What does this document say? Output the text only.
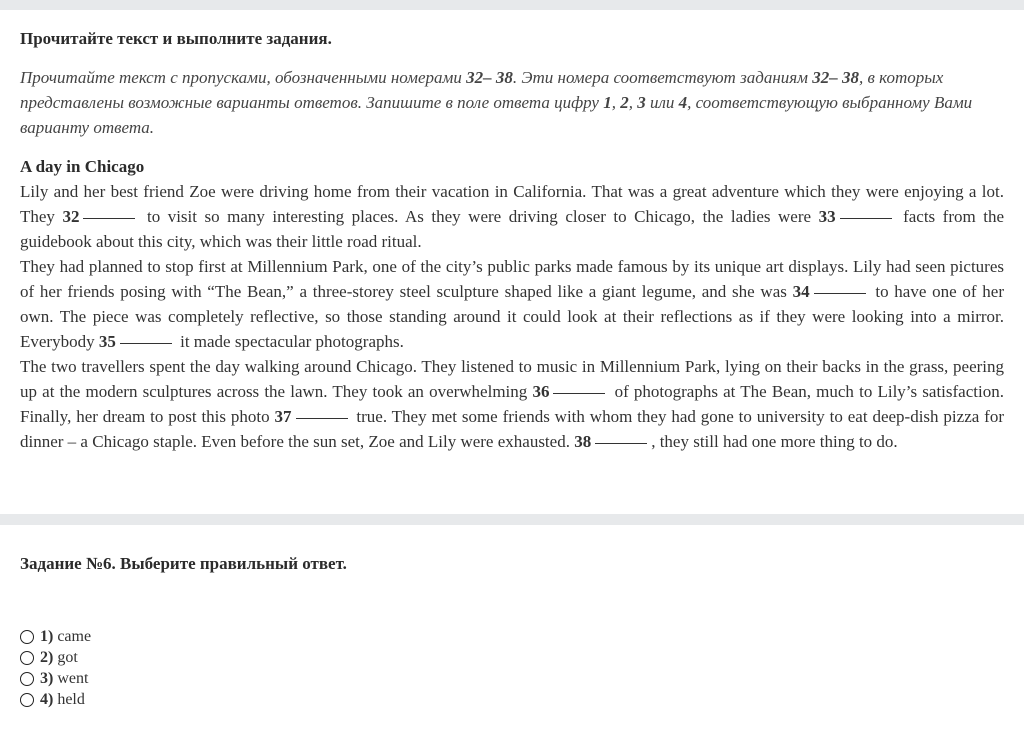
Прочитайте текст и выполните задания.

Прочитайте текст с пропусками, обозначенными номерами 32– 38. Эти номера соответствуют заданиям 32– 38, в которых представлены возможные варианты ответов. Запишите в поле ответа цифру 1, 2, 3 или 4, соответствующую выбранному Вами варианту ответа.

A day in Chicago

Lily and her best friend Zoe were driving home from their vacation in California. That was a great adventure which they were enjoying a lot. They 32	to visit so many interesting places. As they were driving closer to Chicago, the ladies were 33	facts from the guidebook about this city, which was their little road ritual.

They had planned to stop first at Millennium Park, one of the city’s public parks made famous by its unique art displays. Lily had seen pictures of her friends posing with “The Bean,” a three-storey steel sculpture shaped like a giant legume, and she was 34	to have one of her own. The piece was completely reflective, so those standing around it could look at their reflections as if they were looking into a mirror. Everybody 35	it made spectacular photographs.

The two travellers spent the day walking around Chicago. They listened to music in Millennium Park, lying on their backs in the grass, peering up at the modern sculptures across the lawn. They took an overwhelming 36	of photographs at The Bean, much to Lily’s satisfaction. Finally, her dream to post this photo 37	true. They met some friends with whom they had gone to university to eat deep-dish pizza for dinner – a Chicago staple. Even before the sun set, Zoe and Lily were exhausted. 38	, they still had one more thing to do.

Задание №6. Выберите правильный ответ.

1) came
2) got
3) went
4) held
